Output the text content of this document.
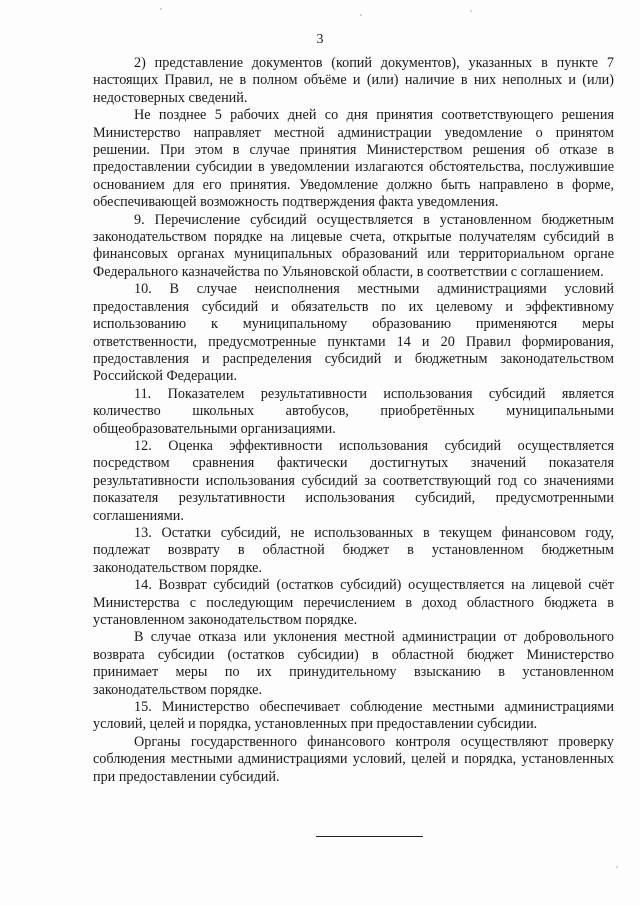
3

2) представление документов (копий документов), указанных в пункте 7 настоящих Правил, не в полном объёме и (или) наличие в них неполных и (или) недостоверных сведений.

Не позднее 5 рабочих дней со дня принятия соответствующего решения Министерство направляет местной администрации уведомление о принятом решении. При этом в случае принятия Министерством решения об отказе в предоставлении субсидии в уведомлении излагаются обстоятельства, послужившие основанием для его принятия. Уведомление должно быть направлено в форме, обеспечивающей возможность подтверждения факта уведомления.

9. Перечисление субсидий осуществляется в установленном бюджетным законодательством порядке на лицевые счета, открытые получателям субсидий в финансовых органах муниципальных образований или территориальном органе Федерального казначейства по Ульяновской области, в соответствии с соглашением.

10. В случае неисполнения местными администрациями условий предоставления субсидий и обязательств по их целевому и эффективному использованию к муниципальному образованию применяются меры ответственности, предусмотренные пунктами 14 и 20 Правил формирования, предоставления и распределения субсидий и бюджетным законодательством Российской Федерации.

11. Показателем результативности использования субсидий является количество школьных автобусов, приобретённых муниципальными общеобразовательными организациями.

12. Оценка эффективности использования субсидий осуществляется посредством сравнения фактически достигнутых значений показателя результативности использования субсидий за соответствующий год со значениями показателя результативности использования субсидий, предусмотренными соглашениями.

13. Остатки субсидий, не использованных в текущем финансовом году, подлежат возврату в областной бюджет в установленном бюджетным законодательством порядке.

14. Возврат субсидий (остатков субсидий) осуществляется на лицевой счёт Министерства с последующим перечислением в доход областного бюджета в установленном законодательством порядке.

В случае отказа или уклонения местной администрации от добровольного возврата субсидии (остатков субсидии) в областной бюджет Министерство принимает меры по их принудительному взысканию в установленном законодательством порядке.

15. Министерство обеспечивает соблюдение местными администрациями условий, целей и порядка, установленных при предоставлении субсидии.

Органы государственного финансового контроля осуществляют проверку соблюдения местными администрациями условий, целей и порядка, установленных при предоставлении субсидий.
